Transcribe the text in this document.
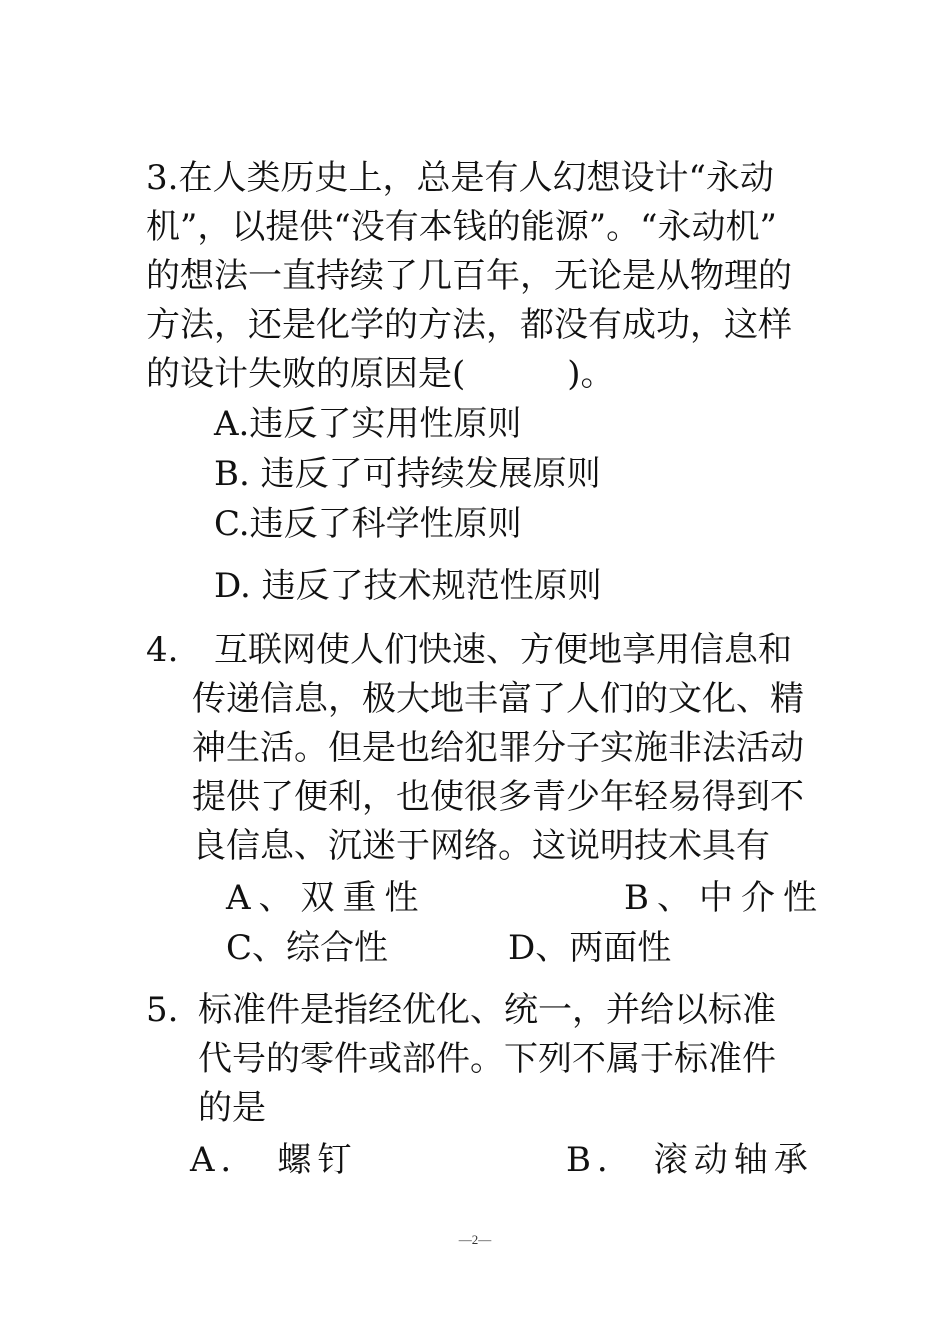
3.在人类历史上，总是有人幻想设计“永动

机”，以提供“没有本钱的能源”。“永动机”

的想法一直持续了几百年，无论是从物理的

方法，还是化学的方法，都没有成功，这样

的设计失败的原因是(　　　)。

A.违反了实用性原则

B. 违反了可持续发展原则

C.违反了科学性原则

D. 违反了技术规范性原则

4. 互联网使人们快速、方便地享用信息和

传递信息，极大地丰富了人们的文化、精

神生活。但是也给犯罪分子实施非法活动

提供了便利，也使很多青少年轻易得到不

良信息、沉迷于网络。这说明技术具有

A、双重性	B、中介性

C、综合性	D、两面性

5. 标准件是指经优化、统一，并给以标准

代号的零件或部件。下列不属于标准件

的是

A． 螺钉	B． 滚动轴承

—2—
